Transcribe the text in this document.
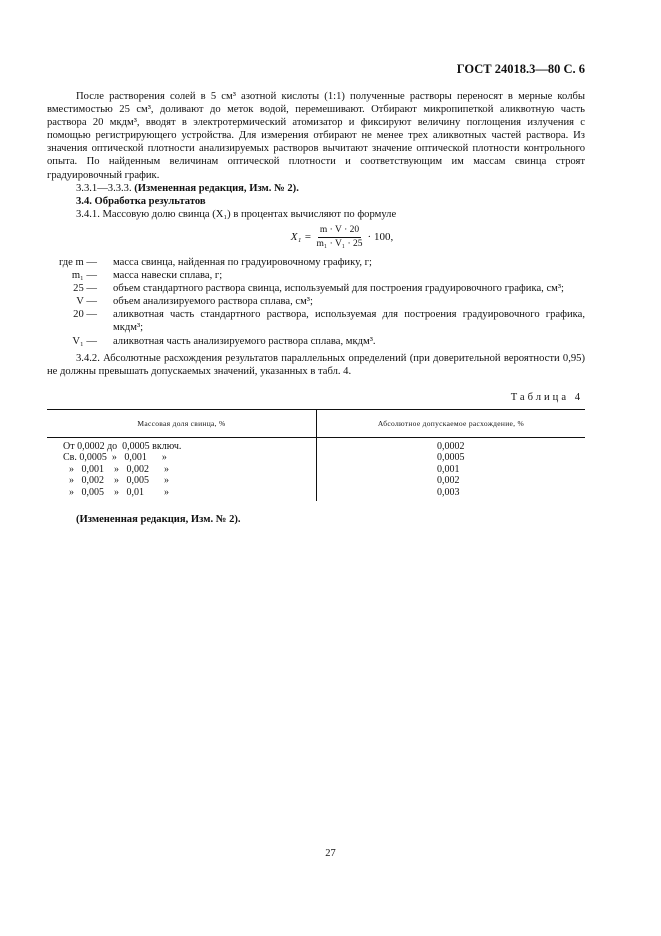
ГОСТ 24018.3—80 С. 6

После растворения солей в 5 см³ азотной кислоты (1:1) полученные растворы переносят в мерные колбы вместимостью 25 см³, доливают до меток водой, перемешивают. Отбирают микропипеткой аликвотную часть раствора 20 мкдм³, вводят в электротермический атомизатор и фиксируют величину поглощения излучения с помощью регистрирующего устройства. Для измерения отбирают не менее трех аликвотных частей раствора. Из значения оптической плотности анализируемых растворов вычитают значение оптической плотности контрольного опыта. По найденным величинам оптической плотности и соответствующим им массам свинца строят градуировочный график.

3.3.1—3.3.3. (Измененная редакция, Изм. № 2).

3.4. Обработка результатов

3.4.1. Массовую долю свинца (X₁) в процентах вычисляют по формуле

$X_1 = \frac{m \cdot V \cdot 20}{\text{m₁ · V₁ · 25}} \cdot 100$,
где m — масса свинца, найденная по градуировочному графику, г;
m₁ — масса навески сплава, г;
25 — объем стандартного раствора свинца, используемый для построения градуировочного графика, см³;
V — объем анализируемого раствора сплава, см³;
20 — аликвотная часть стандартного раствора, используемая для построения градуировочного графика, мкдм³;
V₁ — аликвотная часть анализируемого раствора сплава, мкдм³.

3.4.2. Абсолютные расхождения результатов параллельных определений (при доверительной вероятности 0,95) не должны превышать допускаемых значений, указанных в табл. 4.

Таблица 4
Массовая доля свинца, %	Абсолютное допускаемое расхождение, %
От 0,0002 до  0,0005 включ.	0,0002
Св. 0,0005  »   0,001      »	0,0005
»   0,001    »   0,002      »	0,001
»   0,002    »   0,005      »	0,002
»   0,005    »   0,01        »	0,003
(Измененная редакция, Изм. № 2).
27
